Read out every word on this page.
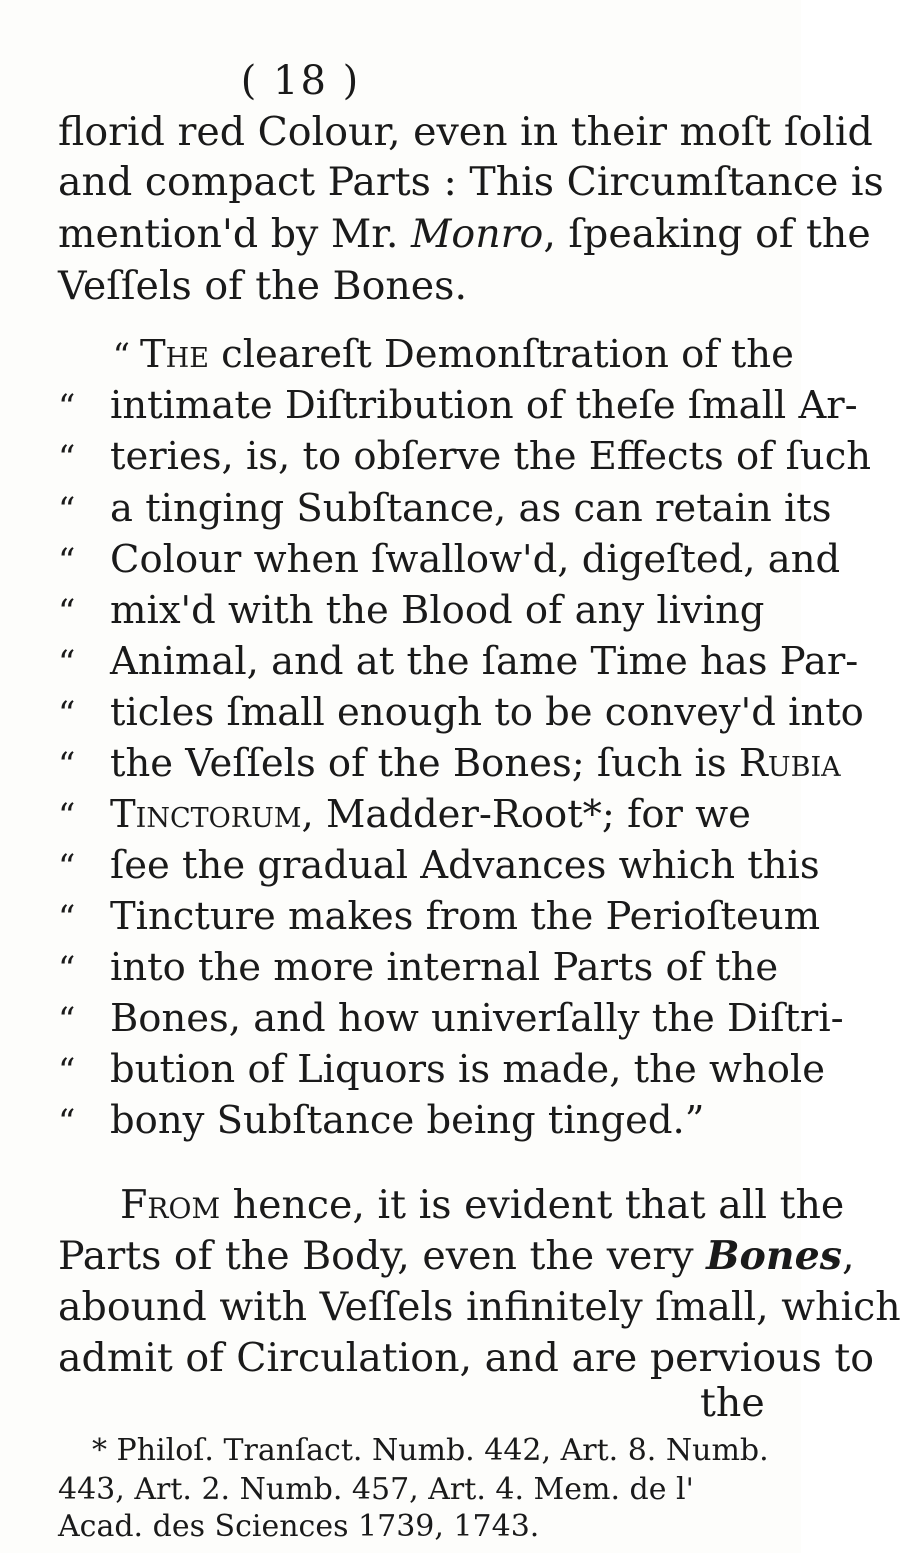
( 18 )
florid red Colour, even in their moſt ſolid
and compact Parts : This Circumſtance is
mention'd by Mr. Monro, ſpeaking of the
Veſſels of the Bones.
“ The cleareſt Demonſtration of the
“ intimate Diſtribution of theſe ſmall Ar-
“ teries, is, to obſerve the Effects of ſuch
“ a tinging Subſtance, as can retain its
“ Colour when ſwallow'd, digeſted, and
“ mix'd with the Blood of any living
“ Animal, and at the ſame Time has Par-
“ ticles ſmall enough to be convey'd into
“ the Veſſels of the Bones; ſuch is Rubia
“ Tinctorum, Madder-Root*; for we
“ ſee the gradual Advances which this
“ Tincture makes from the Perioſteum
“ into the more internal Parts of the
“ Bones, and how univerſally the Diſtri-
“ bution of Liquors is made, the whole
“ bony Subſtance being tinged.”
From hence, it is evident that all the
Parts of the Body, even the very Bones,
abound with Veſſels infinitely ſmall, which
admit of Circulation, and are pervious to
the
* Philoſ. Tranſact. Numb. 442, Art. 8. Numb.
443, Art. 2. Numb. 457, Art. 4. Mem. de l'
Acad. des Sciences 1739, 1743.
